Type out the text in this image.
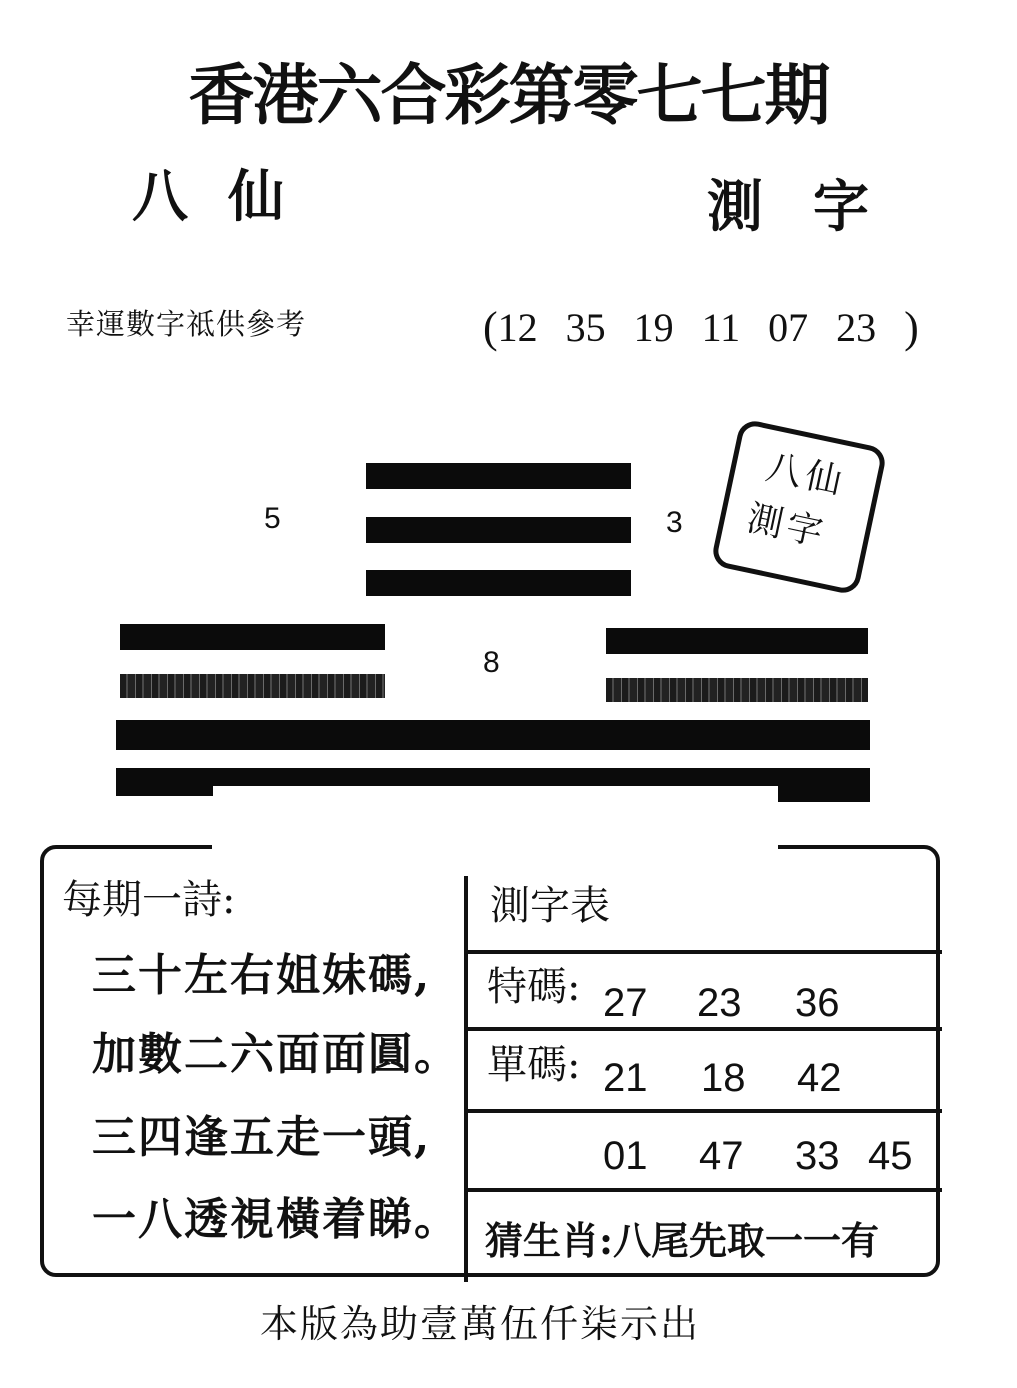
香港六合彩第零七七期
八仙	測字
幸運數字祗供參考	( 12 35 19 11 07 23 )
5	3
8
八仙
測字
每期一詩:
三十左右姐妹碼,
加數二六面面圓。
三四逢五走一頭,
一八透視橫着睇。
測字表
特碼: 27 23 36
單碼: 21 18 42
01 47 33 45
猜生肖:八尾先取一一有
本版為助壹萬伍仟柒示出
